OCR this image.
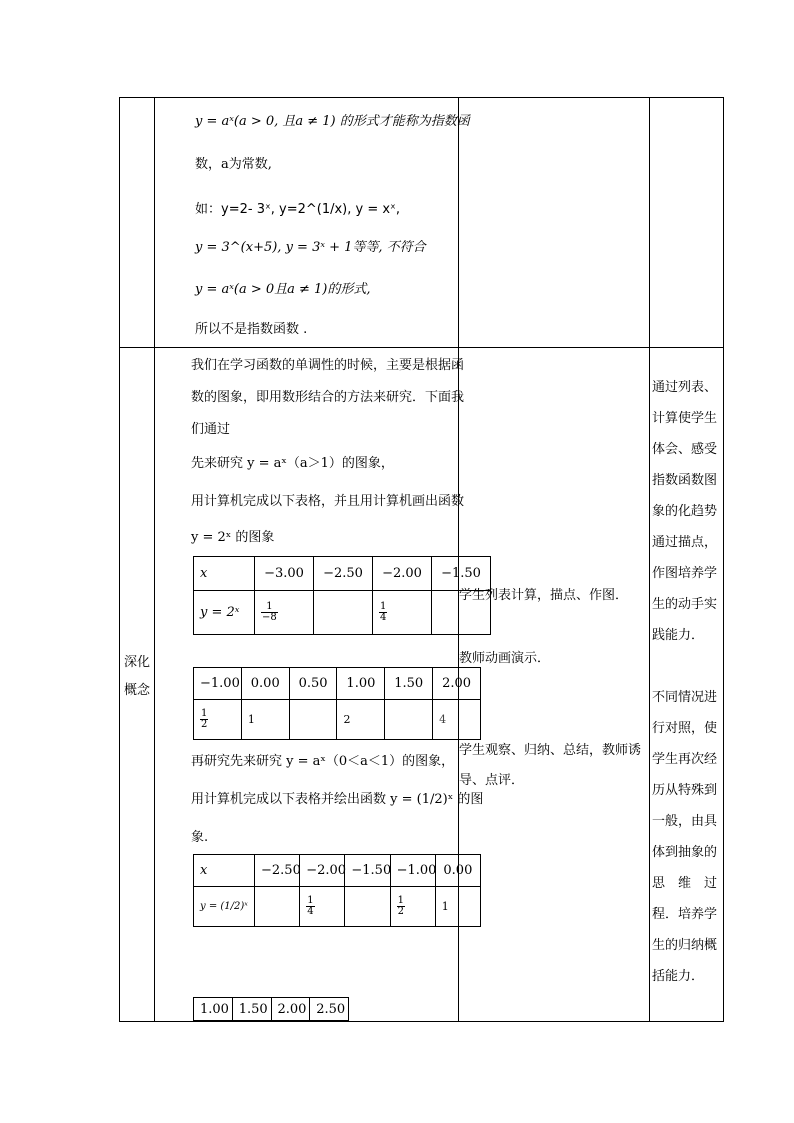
y = aˣ(a > 0, 且a ≠ 1) 的形式才能称为指数函
数，a为常数,
如：y=2- 3ˣ, y=2^(1/x), y = xˣ,
y = 3^(x+5), y = 3ˣ + 1等等, 不符合
y = aˣ(a > 0且a ≠ 1)的形式,
所以不是指数函数 .

深化
概念

我们在学习函数的单调性的时候，主要是根据函
数的图象，即用数形结合的方法来研究．下面我
们通过
先来研究 y = aˣ（a＞1）的图象，
用计算机完成以下表格，并且用计算机画出函数
y = 2ˣ 的图象
x	−3.00	−2.50	−2.00	−1.50
y = 2ˣ	$\frac{1}{-8}$		$\frac{1}{4}$

−1.00	0.00	0.50	1.00	1.50	2.00

$\frac{1}{2}$	1		2		4
再研究先来研究 y = aˣ（0＜a＜1）的图象，
用计算机完成以下表格并绘出函数 y = (1/2)ˣ 的图
象.
x	−2.50	−2.00	−1.50	−1.00	0.00
y = (1/2)ˣ		$\frac{1}{4}$		$\frac{1}{2}$	1
1.00	1.50	2.00	2.50

学生列表计算，描点、作图．
教师动画演示．
学生观察、归纳、总结，教师诱
导、点评．

通过列表、
计算使学生
体会、感受
指数函数图
象的化趋势
通过描点，
作图培养学
生的动手实
践能力．
不同情况进
行对照，使
学生再次经
历从特殊到
一般，由具
体到抽象的
思　维　过
程．培养学
生的归纳概
括能力．
